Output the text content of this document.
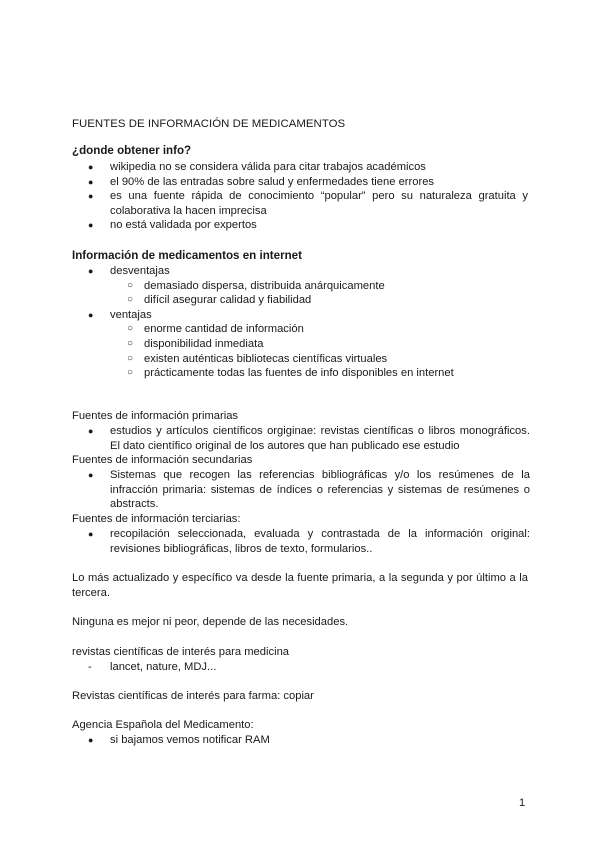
FUENTES DE INFORMACIÓN DE MEDICAMENTOS
¿donde obtener info?
● wikipedia no se considera válida para citar trabajos académicos
● el 90% de las entradas sobre salud y enfermedades tiene errores
● es una fuente rápida de conocimiento “popular” pero su naturaleza gratuita y colaborativa la hacen imprecisa
● no está validada por expertos
Información de medicamentos en internet
● desventajas
○ demasiado dispersa, distribuida anárquicamente
○ difícil asegurar calidad y fiabilidad
● ventajas
○ enorme cantidad de información
○ disponibilidad inmediata
○ existen auténticas bibliotecas científicas virtuales
○ prácticamente todas las fuentes de info disponibles en internet
Fuentes de información primarias
● estudios y artículos científicos orgiginae: revistas científicas o libros monográficos. El dato científico original de los autores que han publicado ese estudio
Fuentes de información secundarias
● Sistemas que recogen las referencias bibliográficas y/o los resúmenes de la infracción primaria: sistemas de índices o referencias y sistemas de resúmenes o abstracts.
Fuentes de información terciarias:
● recopilación seleccionada, evaluada y contrastada de la información original: revisiones bibliográficas, libros de texto, formularios..
Lo más actualizado y específico va desde la fuente primaria, a la segunda y por último a la tercera.
Ninguna es mejor ni peor, depende de las necesidades.
revistas científicas de interés para medicina
- lancet, nature, MDJ...
Revistas científicas de interés para farma: copiar
Agencia Española del Medicamento:
● si bajamos vemos notificar RAM
1
